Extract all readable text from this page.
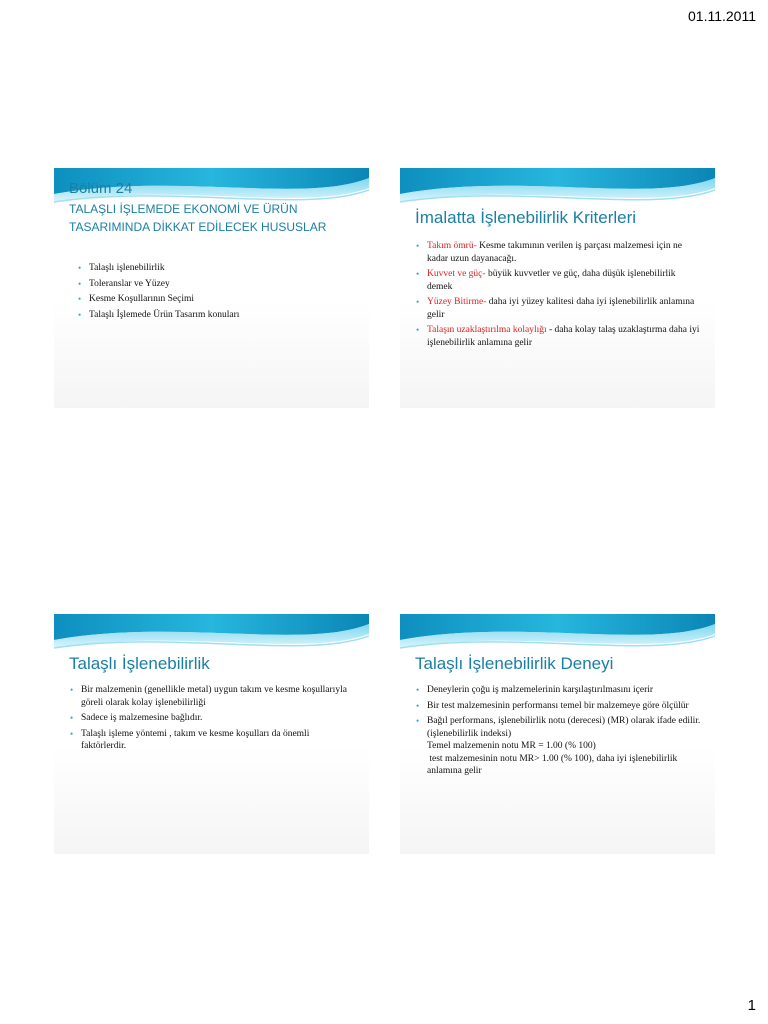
01.11.2011
Bölüm 24
TALAŞLI İŞLEMEDE EKONOMİ VE ÜRÜN
TASARIMINDA DİKKAT EDİLECEK HUSUSLAR
• Talaşlı işlenebilirlik
• Toleranslar ve Yüzey
• Kesme Koşullarının Seçimi
• Talaşlı İşlemede Ürün Tasarım konuları
İmalatta İşlenebilirlik Kriterleri
• Takım ömrü- Kesme takımının verilen iş parçası malzemesi için ne kadar uzun dayanacağı.
• Kuvvet ve güç- büyük kuvvetler ve güç, daha düşük işlenebilirlik demek
• Yüzey Bitirme- daha iyi yüzey kalitesi daha iyi işlenebilirlik anlamına gelir
• Talaşın uzaklaştırılma kolaylığı - daha kolay talaş uzaklaştırma daha iyi işlenebilirlik anlamına gelir
Talaşlı İşlenebilirlik
• Bir malzemenin (genellikle metal) uygun takım ve kesme koşullarıyla göreli olarak kolay işlenebilirliği
• Sadece iş malzemesine bağlıdır.
• Talaşlı işleme yöntemi , takım ve kesme koşulları da önemli faktörlerdir.
Talaşlı İşlenebilirlik Deneyi
• Deneylerin çoğu iş malzemelerinin karşılaştırılmasını içerir
• Bir test malzemesinin performansı temel bir malzemeye göre ölçülür
• Bağıl performans, işlenebilirlik notu (derecesi) (MR) olarak ifade edilir. (işlenebilirlik indeksi)
Temel malzemenin notu MR = 1.00 (% 100)
test malzemesinin notu MR> 1.00 (% 100), daha iyi işlenebilirlik anlamına gelir
1
